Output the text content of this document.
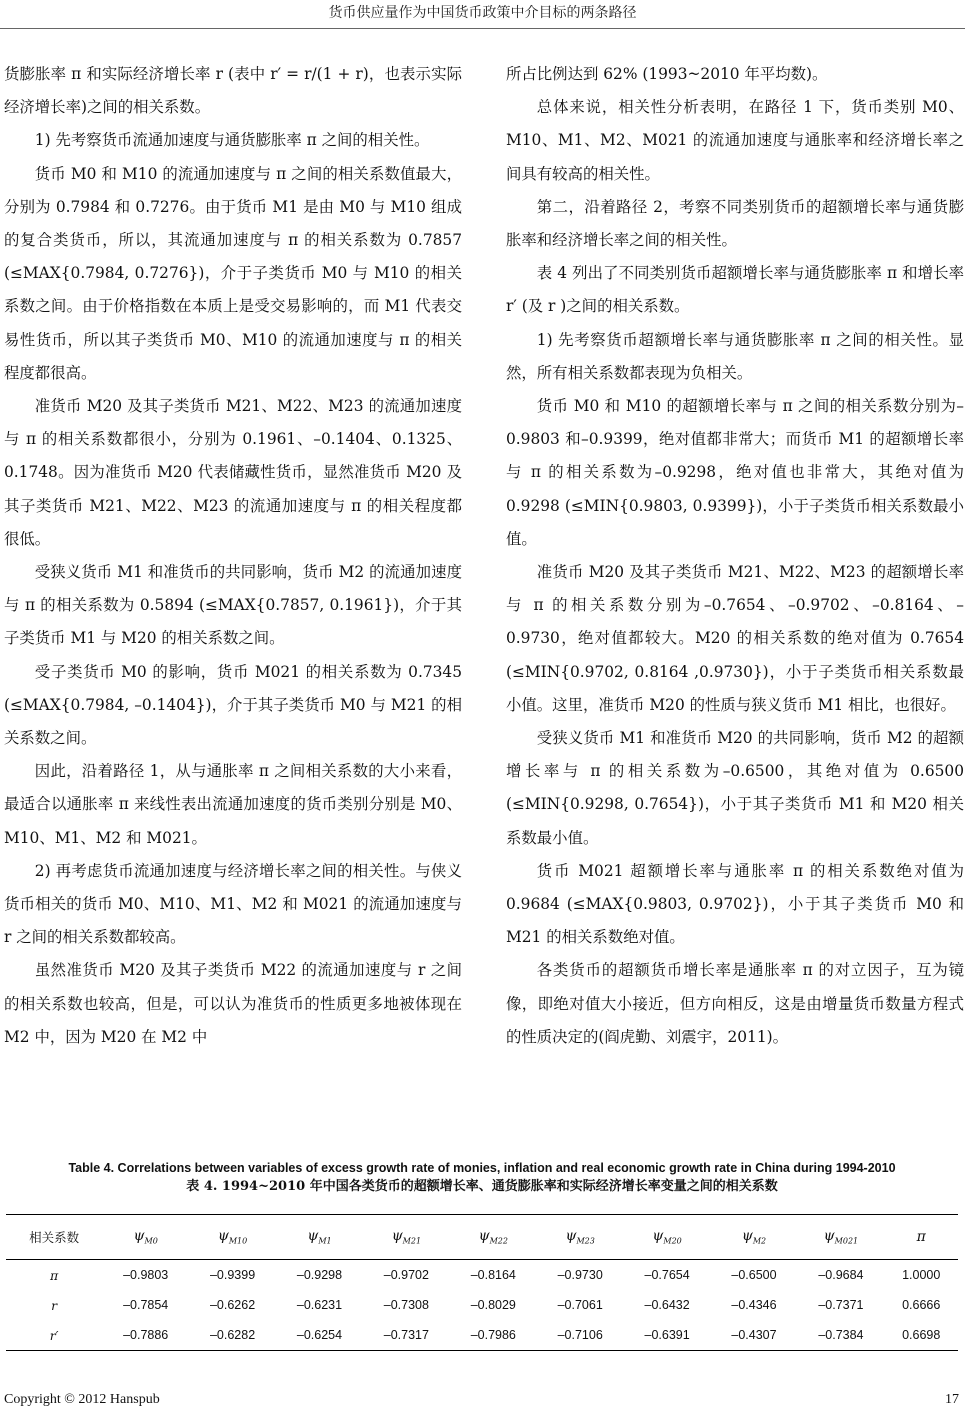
货币供应量作为中国货币政策中介目标的两条路径

货膨胀率 π 和实际经济增长率 r (表中 r′ = r/(1 + r)，也表示实际经济增长率)之间的相关系数。

1) 先考察货币流通加速度与通货膨胀率 π 之间的相关性。

货币 M0 和 M10 的流通加速度与 π 之间的相关系数值最大，分别为 0.7984 和 0.7276。由于货币 M1 是由 M0 与 M10 组成的复合类货币，所以，其流通加速度与 π 的相关系数为 0.7857 (≤MAX{0.7984, 0.7276})，介于子类货币 M0 与 M10 的相关系数之间。由于价格指数在本质上是受交易影响的，而 M1 代表交易性货币，所以其子类货币 M0、M10 的流通加速度与 π 的相关程度都很高。

准货币 M20 及其子类货币 M21、M22、M23 的流通加速度与 π 的相关系数都很小，分别为 0.1961、–0.1404、0.1325、0.1748。因为准货币 M20 代表储藏性货币，显然准货币 M20 及其子类货币 M21、M22、M23 的流通加速度与 π 的相关程度都很低。

受狭义货币 M1 和准货币的共同影响，货币 M2 的流通加速度与 π 的相关系数为 0.5894 (≤MAX{0.7857, 0.1961})，介于其子类货币 M1 与 M20 的相关系数之间。

受子类货币 M0 的影响，货币 M021 的相关系数为 0.7345 (≤MAX{0.7984, –0.1404})，介于其子类货币 M0 与 M21 的相关系数之间。

因此，沿着路径 1，从与通胀率 π 之间相关系数的大小来看，最适合以通胀率 π 来线性表出流通加速度的货币类别分别是 M0、M10、M1、M2 和 M021。

2) 再考虑货币流通加速度与经济增长率之间的相关性。与侠义货币相关的货币 M0、M10、M1、M2 和 M021 的流通加速度与 r 之间的相关系数都较高。

虽然准货币 M20 及其子类货币 M22 的流通加速度与 r 之间的相关系数也较高，但是，可以认为准货币的性质更多地被体现在 M2 中，因为 M20 在 M2 中

所占比例达到 62% (1993~2010 年平均数)。

总体来说，相关性分析表明，在路径 1 下，货币类别 M0、M10、M1、M2、M021 的流通加速度与通胀率和经济增长率之间具有较高的相关性。

第二，沿着路径 2，考察不同类别货币的超额增长率与通货膨胀率和经济增长率之间的相关性。

表 4 列出了不同类别货币超额增长率与通货膨胀率 π 和增长率 r′ (及 r )之间的相关系数。

1) 先考察货币超额增长率与通货膨胀率 π 之间的相关性。显然，所有相关系数都表现为负相关。

货币 M0 和 M10 的超额增长率与 π 之间的相关系数分别为–0.9803 和–0.9399，绝对值都非常大；而货币 M1 的超额增长率与 π 的相关系数为–0.9298，绝对值也非常大，其绝对值为 0.9298 (≤MIN{0.9803, 0.9399})，小于子类货币相关系数最小值。

准货币 M20 及其子类货币 M21、M22、M23 的超额增长率与 π 的相关系数分别为–0.7654、–0.9702、–0.8164、–0.9730，绝对值都较大。M20 的相关系数的绝对值为 0.7654 (≤MIN{0.9702, 0.8164 ,0.9730})，小于子类货币相关系数最小值。这里，准货币 M20 的性质与狭义货币 M1 相比，也很好。

受狭义货币 M1 和准货币 M20 的共同影响，货币 M2 的超额增长率与 π 的相关系数为–0.6500，其绝对值为 0.6500 (≤MIN{0.9298, 0.7654})，小于其子类货币 M1 和 M20 相关系数最小值。

货币 M021 超额增长率与通胀率 π 的相关系数绝对值为 0.9684 (≤MAX{0.9803, 0.9702})，小于其子类货币 M0 和 M21 的相关系数绝对值。

各类货币的超额货币增长率是通胀率 π 的对立因子，互为镜像，即绝对值大小接近，但方向相反，这是由增量货币数量方程式的性质决定的(阎虎勤、刘震宇，2011)。

Table 4. Correlations between variables of excess growth rate of monies, inflation and real economic growth rate in China during 1994-2010
表 4. 1994~2010 年中国各类货币的超额增长率、通货膨胀率和实际经济增长率变量之间的相关系数
相关系数	$\psi_{M0}$	$\psi_{M10}$	$\psi_{M1}$	$\psi_{M21}$	$\psi_{M22}$	$\psi_{M23}$	$\psi_{M20}$	$\psi_{M2}$	$\psi_{M021}$	π
π	–0.9803	–0.9399	–0.9298	–0.9702	–0.8164	–0.9730	–0.7654	–0.6500	–0.9684	1.0000
r	–0.7854	–0.6262	–0.6231	–0.7308	–0.8029	–0.7061	–0.6432	–0.4346	–0.7371	0.6666
r′	–0.7886	–0.6282	–0.6254	–0.7317	–0.7986	–0.7106	–0.6391	–0.4307	–0.7384	0.6698
Copyright © 2012 Hanspub	17
